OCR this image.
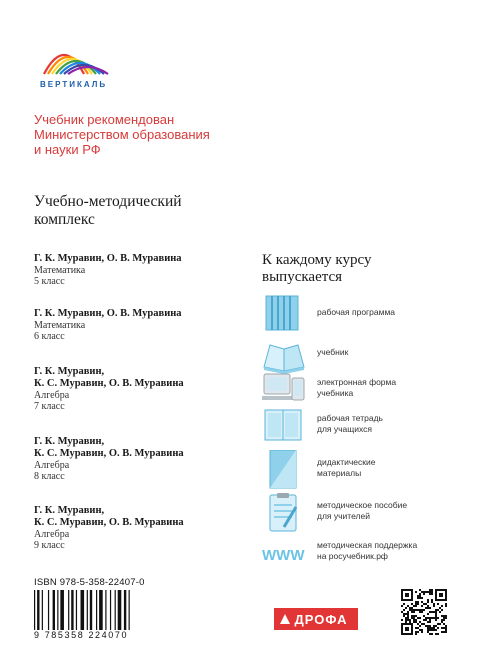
ВЕРТИКАЛЬ
Учебник рекомендован
Министерством образования
и науки РФ
Учебно-методический
комплекс
Г. К. Муравин, О. В. Муравина
Математика
5 класс
Г. К. Муравин, О. В. Муравина
Математика
6 класс
Г. К. Муравин,
К. С. Муравин, О. В. Муравина
Алгебра
7 класс
Г. К. Муравин,
К. С. Муравин, О. В. Муравина
Алгебра
8 класс
Г. К. Муравин,
К. С. Муравин, О. В. Муравина
Алгебра
9 класс
К каждому курсу
выпускается
рабочая программа
учебник
электронная форма
учебника
рабочая тетрадь
для учащихся
дидактические
материалы
методическое пособие
для учителей
WWW
методическая поддержка
на росучебник.рф
ISBN 978-5-358-22407-0
9 785358 224070
ДРОФА
